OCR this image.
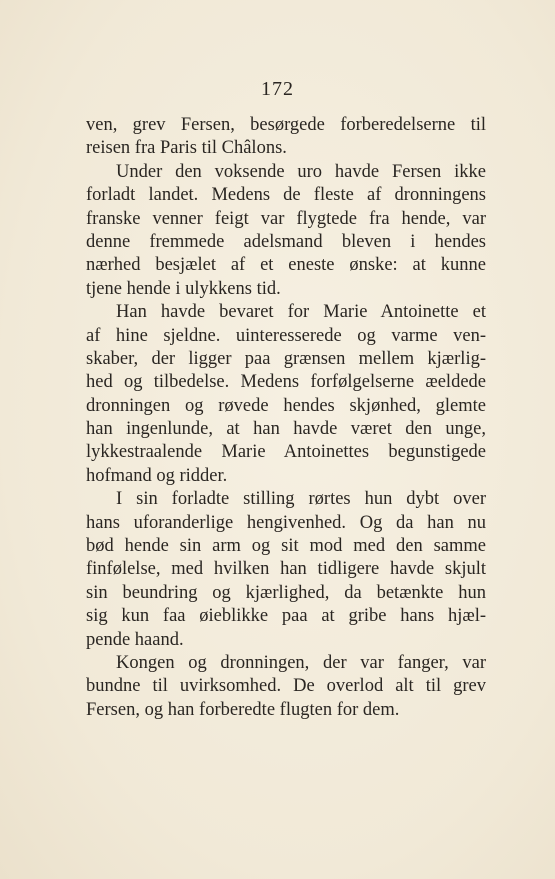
172
ven, grev Fersen, besørgede forberedelserne til
reisen fra Paris til Châlons.
Under den voksende uro havde Fersen ikke
forladt landet. Medens de fleste af dronningens
franske venner feigt var flygtede fra hende, var
denne fremmede adelsmand bleven i hendes
nærhed besjælet af et eneste ønske: at kunne
tjene hende i ulykkens tid.
Han havde bevaret for Marie Antoinette et
af hine sjeldne. uinteresserede og varme ven-
skaber, der ligger paa grænsen mellem kjærlig-
hed og tilbedelse. Medens forfølgelserne æeldede
dronningen og røvede hendes skjønhed, glemte
han ingenlunde, at han havde været den unge,
lykkestraalende Marie Antoinettes begunstigede
hofmand og ridder.
I sin forladte stilling rørtes hun dybt over
hans uforanderlige hengivenhed. Og da han nu
bød hende sin arm og sit mod med den samme
finfølelse, med hvilken han tidligere havde skjult
sin beundring og kjærlighed, da betænkte hun
sig kun faa øieblikke paa at gribe hans hjæl-
pende haand.
Kongen og dronningen, der var fanger, var
bundne til uvirksomhed. De overlod alt til grev
Fersen, og han forberedte flugten for dem.
